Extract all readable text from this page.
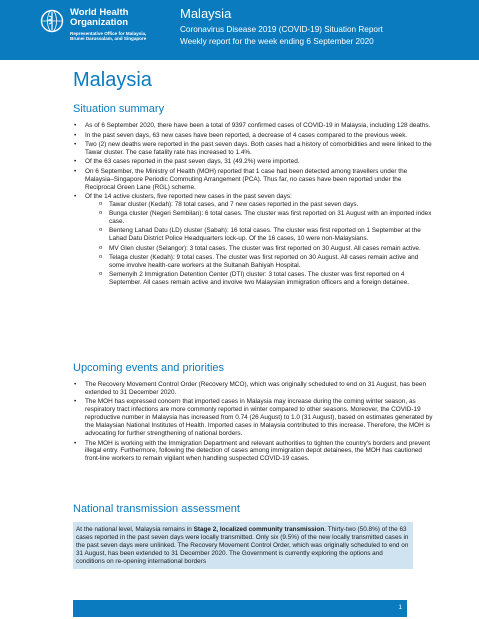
World Health Organization
Representative Office for Malaysia, Brunei Darussalam, and Singapore
Malaysia
Coronavirus Disease 2019 (COVID-19) Situation Report
Weekly report for the week ending 6 September 2020
Malaysia
Situation summary
• As of 6 September 2020, there have been a total of 9397 confirmed cases of COVID-19 in Malaysia, including 128 deaths.
• In the past seven days, 63 new cases have been reported, a decrease of 4 cases compared to the previous week.
• Two (2) new deaths were reported in the past seven days. Both cases had a history of comorbidities and were linked to the Tawar cluster. The case fatality rate has increased to 1.4%.
• Of the 63 cases reported in the past seven days, 31 (49.2%) were imported.
• On 6 September, the Ministry of Health (MOH) reported that 1 case had been detected among travellers under the Malaysia–Singapore Periodic Commuting Arrangement (PCA). Thus far, no cases have been reported under the Reciprocal Green Lane (RGL) scheme.
• Of the 14 active clusters, five reported new cases in the past seven days:
o Tawar cluster (Kedah): 78 total cases, and 7 new cases reported in the past seven days.
o Bunga cluster (Negeri Sembilan): 6 total cases. The cluster was first reported on 31 August with an imported index case.
o Benteng Lahad Datu (LD) cluster (Sabah): 16 total cases. The cluster was first reported on 1 September at the Lahad Datu District Police Headquarters lock-up. Of the 16 cases, 10 were non-Malaysians.
o MV Glen cluster (Selangor): 3 total cases. The cluster was first reported on 30 August. All cases remain active.
o Telaga cluster (Kedah): 9 total cases. The cluster was first reported on 30 August. All cases remain active and some involve health-care workers at the Sultanah Bahiyah Hospital.
o Semenyih 2 Immigration Detention Center (DTI) cluster: 3 total cases. The cluster was first reported on 4 September. All cases remain active and involve two Malaysian immigration officers and a foreign detainee.
Upcoming events and priorities
• The Recovery Movement Control Order (Recovery MCO), which was originally scheduled to end on 31 August, has been extended to 31 December 2020.
• The MOH has expressed concern that imported cases in Malaysia may increase during the coming winter season, as respiratory tract infections are more commonly reported in winter compared to other seasons. Moreover, the COVID-19 reproductive number in Malaysia has increased from 0.74 (26 August) to 1.0 (31 August), based on estimates generated by the Malaysian National Institutes of Health. Imported cases in Malaysia contributed to this increase. Therefore, the MOH is advocating for further strengthening of national borders.
• The MOH is working with the Immigration Department and relevant authorities to tighten the country's borders and prevent illegal entry. Furthermore, following the detection of cases among immigration depot detainees, the MOH has cautioned front-line workers to remain vigilant when handling suspected COVID-19 cases.
National transmission assessment
At the national level, Malaysia remains in Stage 2, localized community transmission. Thirty-two (50.8%) of the 63 cases reported in the past seven days were locally transmitted. Only six (9.5%) of the new locally transmitted cases in the past seven days were unlinked. The Recovery Movement Control Order, which was originally scheduled to end on 31 August, has been extended to 31 December 2020. The Government is currently exploring the options and conditions on re-opening international borders
1
